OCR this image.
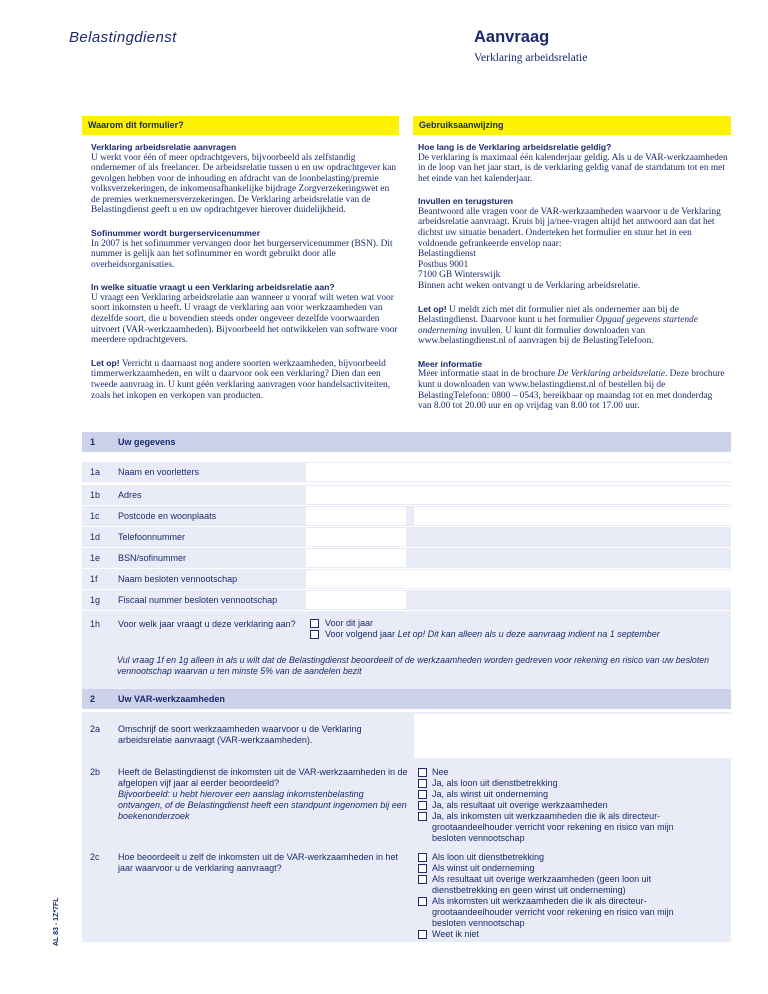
Belastingdienst	Aanvraag
Verklaring arbeidsrelatie
Waarom dit formulier?	Gebruiksaanwijzing
Verklaring arbeidsrelatie aanvragen

U werkt voor één of meer opdrachtgevers, bijvoorbeeld als zelfstandig ondernemer of als freelancer. De arbeidsrelatie tussen u en uw opdrachtgever kan gevolgen hebben voor de inhouding en afdracht van de loonbelasting/premie volksverzekeringen, de inkomensafhankelijke bijdrage Zorgverzekeringswet en de premies werknemersverzekeringen. De Verklaring arbeidsrelatie van de Belastingdienst geeft u en uw opdrachtgever hierover duidelijkheid.

Sofinummer wordt burgerservicenummer

In 2007 is het sofinummer vervangen door het burgerservicenummer (BSN). Dit nummer is gelijk aan het sofinummer en wordt gebruikt door alle overheidsorganisaties.

In welke situatie vraagt u een Verklaring arbeidsrelatie aan?

U vraagt een Verklaring arbeidsrelatie aan wanneer u vooraf wilt weten wat voor soort inkomsten u heeft. U vraagt de verklaring aan voor werkzaamheden van dezelfde soort, die u bovendien steeds onder ongeveer dezelfde voorwaarden uitvoert (VAR-werkzaamheden). Bijvoorbeeld het ontwikkelen van software voor meerdere opdrachtgevers.

Let op! Verricht u daarnaast nog andere soorten werkzaamheden, bijvoorbeeld timmerwerkzaamheden, en wilt u daarvoor ook een verklaring? Dien dan een tweede aanvraag in. U kunt géén verklaring aanvragen voor handelsactiviteiten, zoals het inkopen en verkopen van producten.

Hoe lang is de Verklaring arbeidsrelatie geldig?

De verklaring is maximaal één kalenderjaar geldig. Als u de VAR-werkzaamheden in de loop van het jaar start, is de verklaring geldig vanaf de startdatum tot en met het einde van het kalenderjaar.

Invullen en terugsturen

Beantwoord alle vragen voor de VAR-werkzaamheden waarvoor u de Verklaring arbeidsrelatie aanvraagt. Kruis bij ja/nee-vragen altijd het antwoord aan dat het dichtst uw situatie benadert. Onderteken het formulier en stuur het in een voldoende gefrankeerde envelop naar:

Belastingdienst

Postbus 9001

7100 GB Winterswijk

Binnen acht weken ontvangt u de Verklaring arbeidsrelatie.

Let op! U meldt zich met dit formulier niet als ondernemer aan bij de Belastingdienst. Daarvoor kunt u het formulier Opgaaf gegevens startende onderneming invullen. U kunt dit formulier downloaden van www.belastingdienst.nl of aanvragen bij de BelastingTelefoon.

Meer informatie

Meer informatie staat in de brochure De Verklaring arbeidsrelatie. Deze brochure kunt u downloaden van www.belastingdienst.nl of bestellen bij de BelastingTelefoon: 0800 – 0543, bereikbaar op maandag tot en met donderdag van 8.00 tot 20.00 uur en op vrijdag van 8.00 tot 17.00 uur.

1	Uw gegevens
1a Naam en voorletters
1b Adres
1c Postcode en woonplaats
1d Telefoonnummer
1e BSN/sofinummer
1f Naam besloten vennootschap
1g Fiscaal nummer besloten vennootschap
1h Voor welk jaar vraagt u deze verklaring aan?	Voor dit jaar
Voor volgend jaar Let op! Dit kan alleen als u deze aanvraag indient na 1 september
Vul vraag 1f en 1g alleen in als u wilt dat de Belastingdienst beoordeelt of de werkzaamheden worden gedreven voor rekening en risico van uw besloten vennootschap waarvan u ten minste 5% van de aandelen bezit
2	Uw VAR-werkzaamheden
2a Omschrijf de soort werkzaamheden waarvoor u de Verklaring arbeidsrelatie aanvraagt (VAR-werkzaamheden).
2b Heeft de Belastingdienst de inkomsten uit de VAR-werkzaamheden in de afgelopen vijf jaar al eerder beoordeeld?
Bijvoorbeeld: u hebt hierover een aanslag inkomstenbelasting ontvangen, of de Belastingdienst heeft een standpunt ingenomen bij een boekenonderzoek
Nee
Ja, als loon uit dienstbetrekking
Ja, als winst uit onderneming
Ja, als resultaat uit overige werkzaamheden
Ja, als inkomsten uit werkzaamheden die ik als directeur-grootaandeelhouder verricht voor rekening en risico van mijn besloten vennootschap
2c Hoe beoordeelt u zelf de inkomsten uit de VAR-werkzaamheden in het jaar waarvoor u de verklaring aanvraagt?
Als loon uit dienstbetrekking
Als winst uit onderneming
Als resultaat uit overige werkzaamheden (geen loon uit dienstbetrekking en geen winst uit onderneming)
Als inkomsten uit werkzaamheden die ik als directeur-grootaandeelhouder verricht voor rekening en risico van mijn besloten vennootschap
Weet ik niet
AL 83 - 1Z*7FL
